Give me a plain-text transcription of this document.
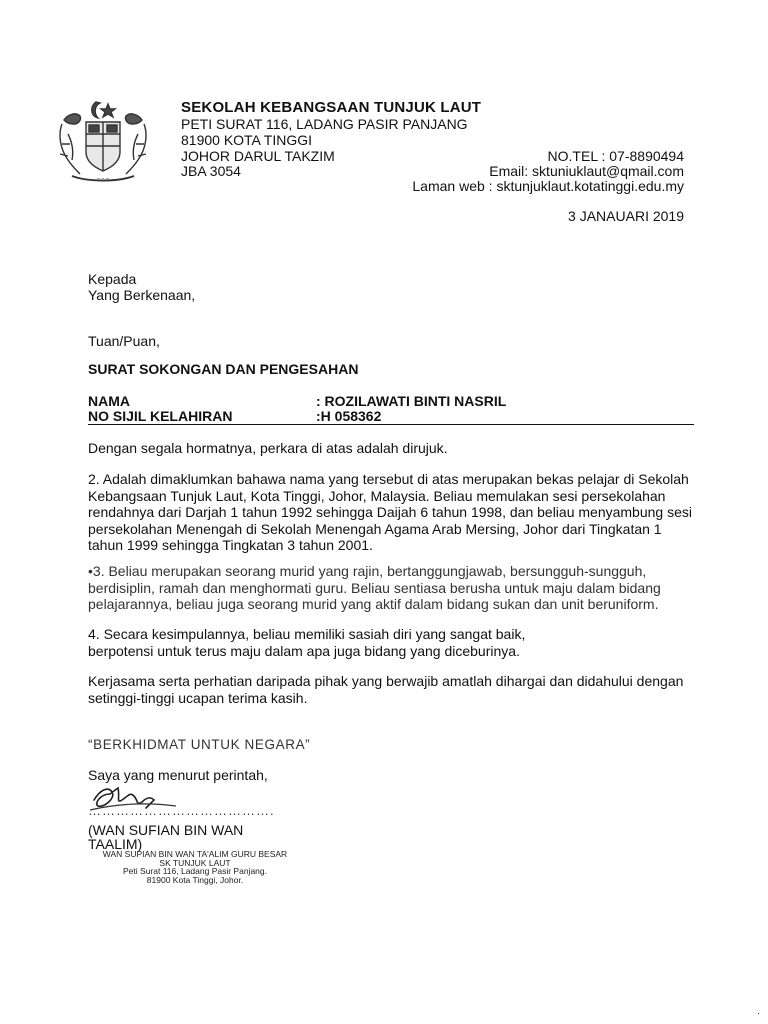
~ ~ ~
SEKOLAH KEBANGSAAN TUNJUK LAUT
PETI SURAT 116, LADANG PASIR PANJANG
81900 KOTA TINGGI
JOHOR DARUL TAKZIM
JBA 3054
NO.TEL : 07-8890494
Email: sktuniuklaut@qmail.com
Laman web : sktunjuklaut.kotatinggi.edu.my
3 JANAUARI 2019
Kepada
Yang Berkenaan,
Tuan/Puan,
SURAT SOKONGAN DAN PENGESAHAN
NAMA	: ROZILAWATI BINTI NASRIL
NO SIJIL KELAHIRAN	:H 058362
Dengan segala hormatnya, perkara di atas adalah dirujuk.
2. Adalah dimaklumkan bahawa nama yang tersebut di atas merupakan bekas pelajar di Sekolah Kebangsaan Tunjuk Laut, Kota Tinggi, Johor, Malaysia. Beliau memulakan sesi persekolahan rendahnya dari Darjah 1 tahun 1992 sehingga Daijah 6 tahun 1998, dan beliau menyambung sesi persekolahan Menengah di Sekolah Menengah Agama Arab Mersing, Johor dari Tingkatan 1 tahun 1999 sehingga Tingkatan 3 tahun 2001.
•3. Beliau merupakan seorang murid yang rajin, bertanggungjawab, bersungguh-sungguh, berdisiplin, ramah dan menghormati guru. Beliau sentiasa berusha untuk maju dalam bidang pelajarannya, beliau juga seorang murid yang aktif dalam bidang sukan dan unit beruniform.
4. Secara kesimpulannya, beliau memiliki sasiah diri yang sangat baik, berpotensi untuk terus maju dalam apa juga bidang yang diceburinya.
Kerjasama serta perhatian daripada pihak yang berwajib amatlah dihargai dan didahului dengan setinggi-tinggi ucapan terima kasih.
“BERKHIDMAT UNTUK NEGARA”
Saya yang menurut perintah,
………………………………….
(WAN SUFIAN BIN WAN
TAALIM)
WAN SUPIAN BIN WAN TA'ALIM GURU BESAR
SK TUNJUK LAUT
Peti Surat 116, Ladang Pasir Panjang.
81900 Kota Tinggi, Johor.
.
